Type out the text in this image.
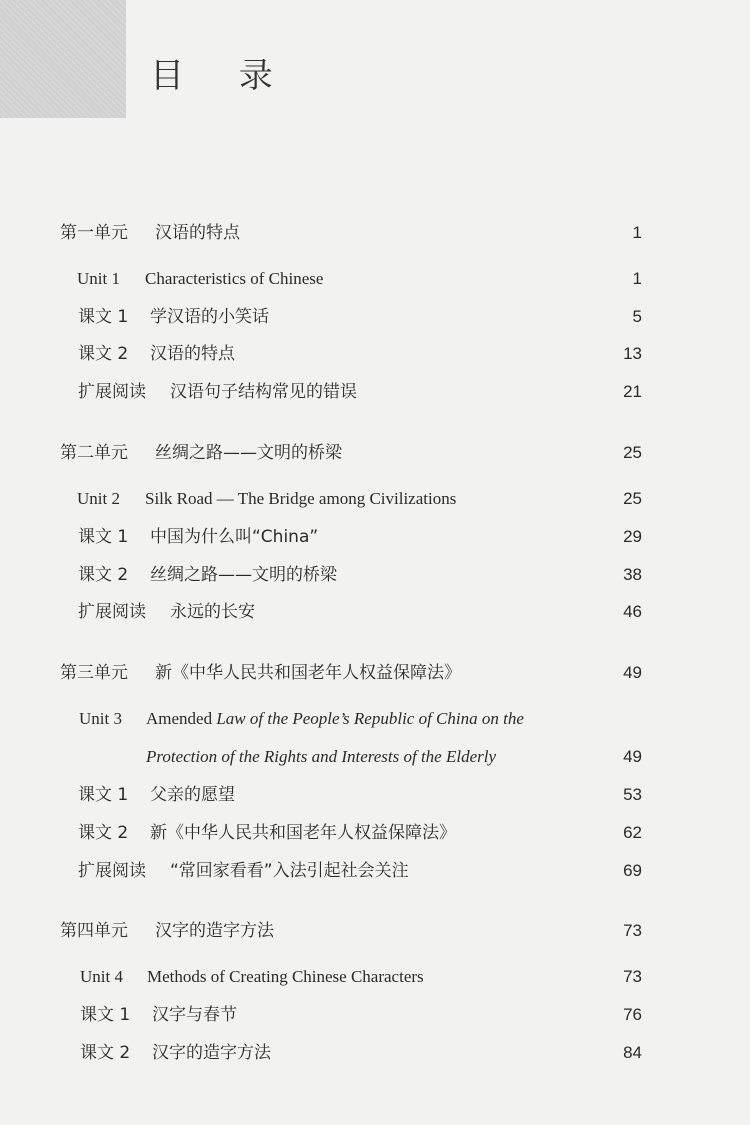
目 录
第一单元 汉语的特点	1
Unit 1 Characteristics of Chinese	1
课文 1 学汉语的小笑话	5
课文 2 汉语的特点	13
扩展阅读 汉语句子结构常见的错误	21
第二单元 丝绸之路——文明的桥梁	25
Unit 2 Silk Road — The Bridge among Civilizations	25
课文 1 中国为什么叫“China”	29
课文 2 丝绸之路——文明的桥梁	38
扩展阅读 永远的长安	46
第三单元 新《中华人民共和国老年人权益保障法》	49
Unit 3 Amended Law of the People’s Republic of China on the
Protection of the Rights and Interests of the Elderly	49
课文 1 父亲的愿望	53
课文 2 新《中华人民共和国老年人权益保障法》	62
扩展阅读 “常回家看看”入法引起社会关注	69
第四单元 汉字的造字方法	73
Unit 4 Methods of Creating Chinese Characters	73
课文 1 汉字与春节	76
课文 2 汉字的造字方法	84
